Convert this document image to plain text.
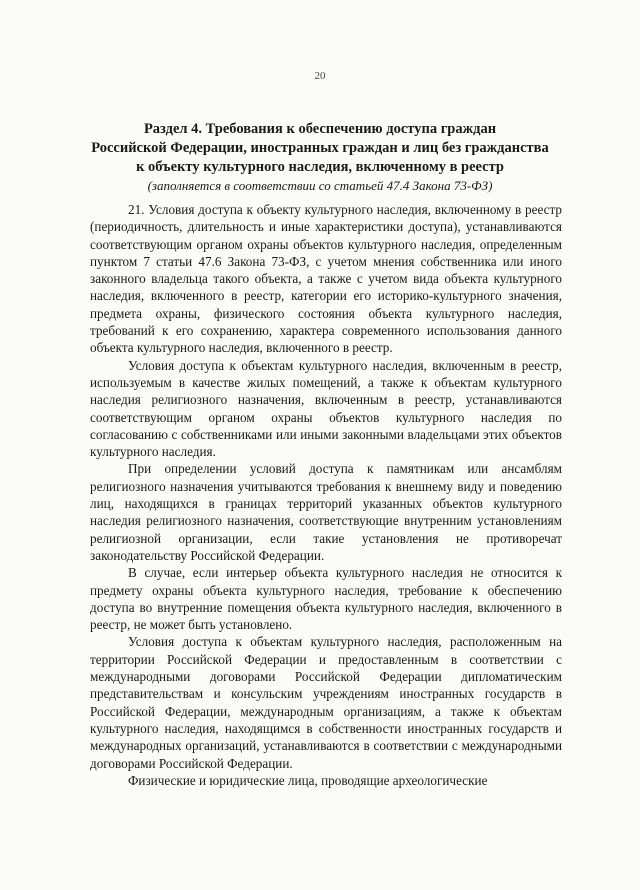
20
Раздел 4. Требования к обеспечению доступа граждан
Российской Федерации, иностранных граждан и лиц без гражданства
к объекту культурного наследия, включенному в реестр
(заполняется в соответствии со статьей 47.4 Закона 73-ФЗ)

21. Условия доступа к объекту культурного наследия, включенному в реестр (периодичность, длительность и иные характеристики доступа), устанавливаются соответствующим органом охраны объектов культурного наследия, определенным пунктом 7 статьи 47.6 Закона 73-ФЗ, с учетом мнения собственника или иного законного владельца такого объекта, а также с учетом вида объекта культурного наследия, включенного в реестр, категории его историко-культурного значения, предмета охраны, физического состояния объекта культурного наследия, требований к его сохранению, характера современного использования данного объекта культурного наследия, включенного в реестр.

Условия доступа к объектам культурного наследия, включенным в реестр, используемым в качестве жилых помещений, а также к объектам культурного наследия религиозного назначения, включенным в реестр, устанавливаются соответствующим органом охраны объектов культурного наследия по согласованию с собственниками или иными законными владельцами этих объектов культурного наследия.

При определении условий доступа к памятникам или ансамблям религиозного назначения учитываются требования к внешнему виду и поведению лиц, находящихся в границах территорий указанных объектов культурного наследия религиозного назначения, соответствующие внутренним установлениям религиозной организации, если такие установления не противоречат законодательству Российской Федерации.

В случае, если интерьер объекта культурного наследия не относится к предмету охраны объекта культурного наследия, требование к обеспечению доступа во внутренние помещения объекта культурного наследия, включенного в реестр, не может быть установлено.

Условия доступа к объектам культурного наследия, расположенным на территории Российской Федерации и предоставленным в соответствии с международными договорами Российской Федерации дипломатическим представительствам и консульским учреждениям иностранных государств в Российской Федерации, международным организациям, а также к объектам культурного наследия, находящимся в собственности иностранных государств и международных организаций, устанавливаются в соответствии с международными договорами Российской Федерации.

Физические и юридические лица, проводящие археологические
